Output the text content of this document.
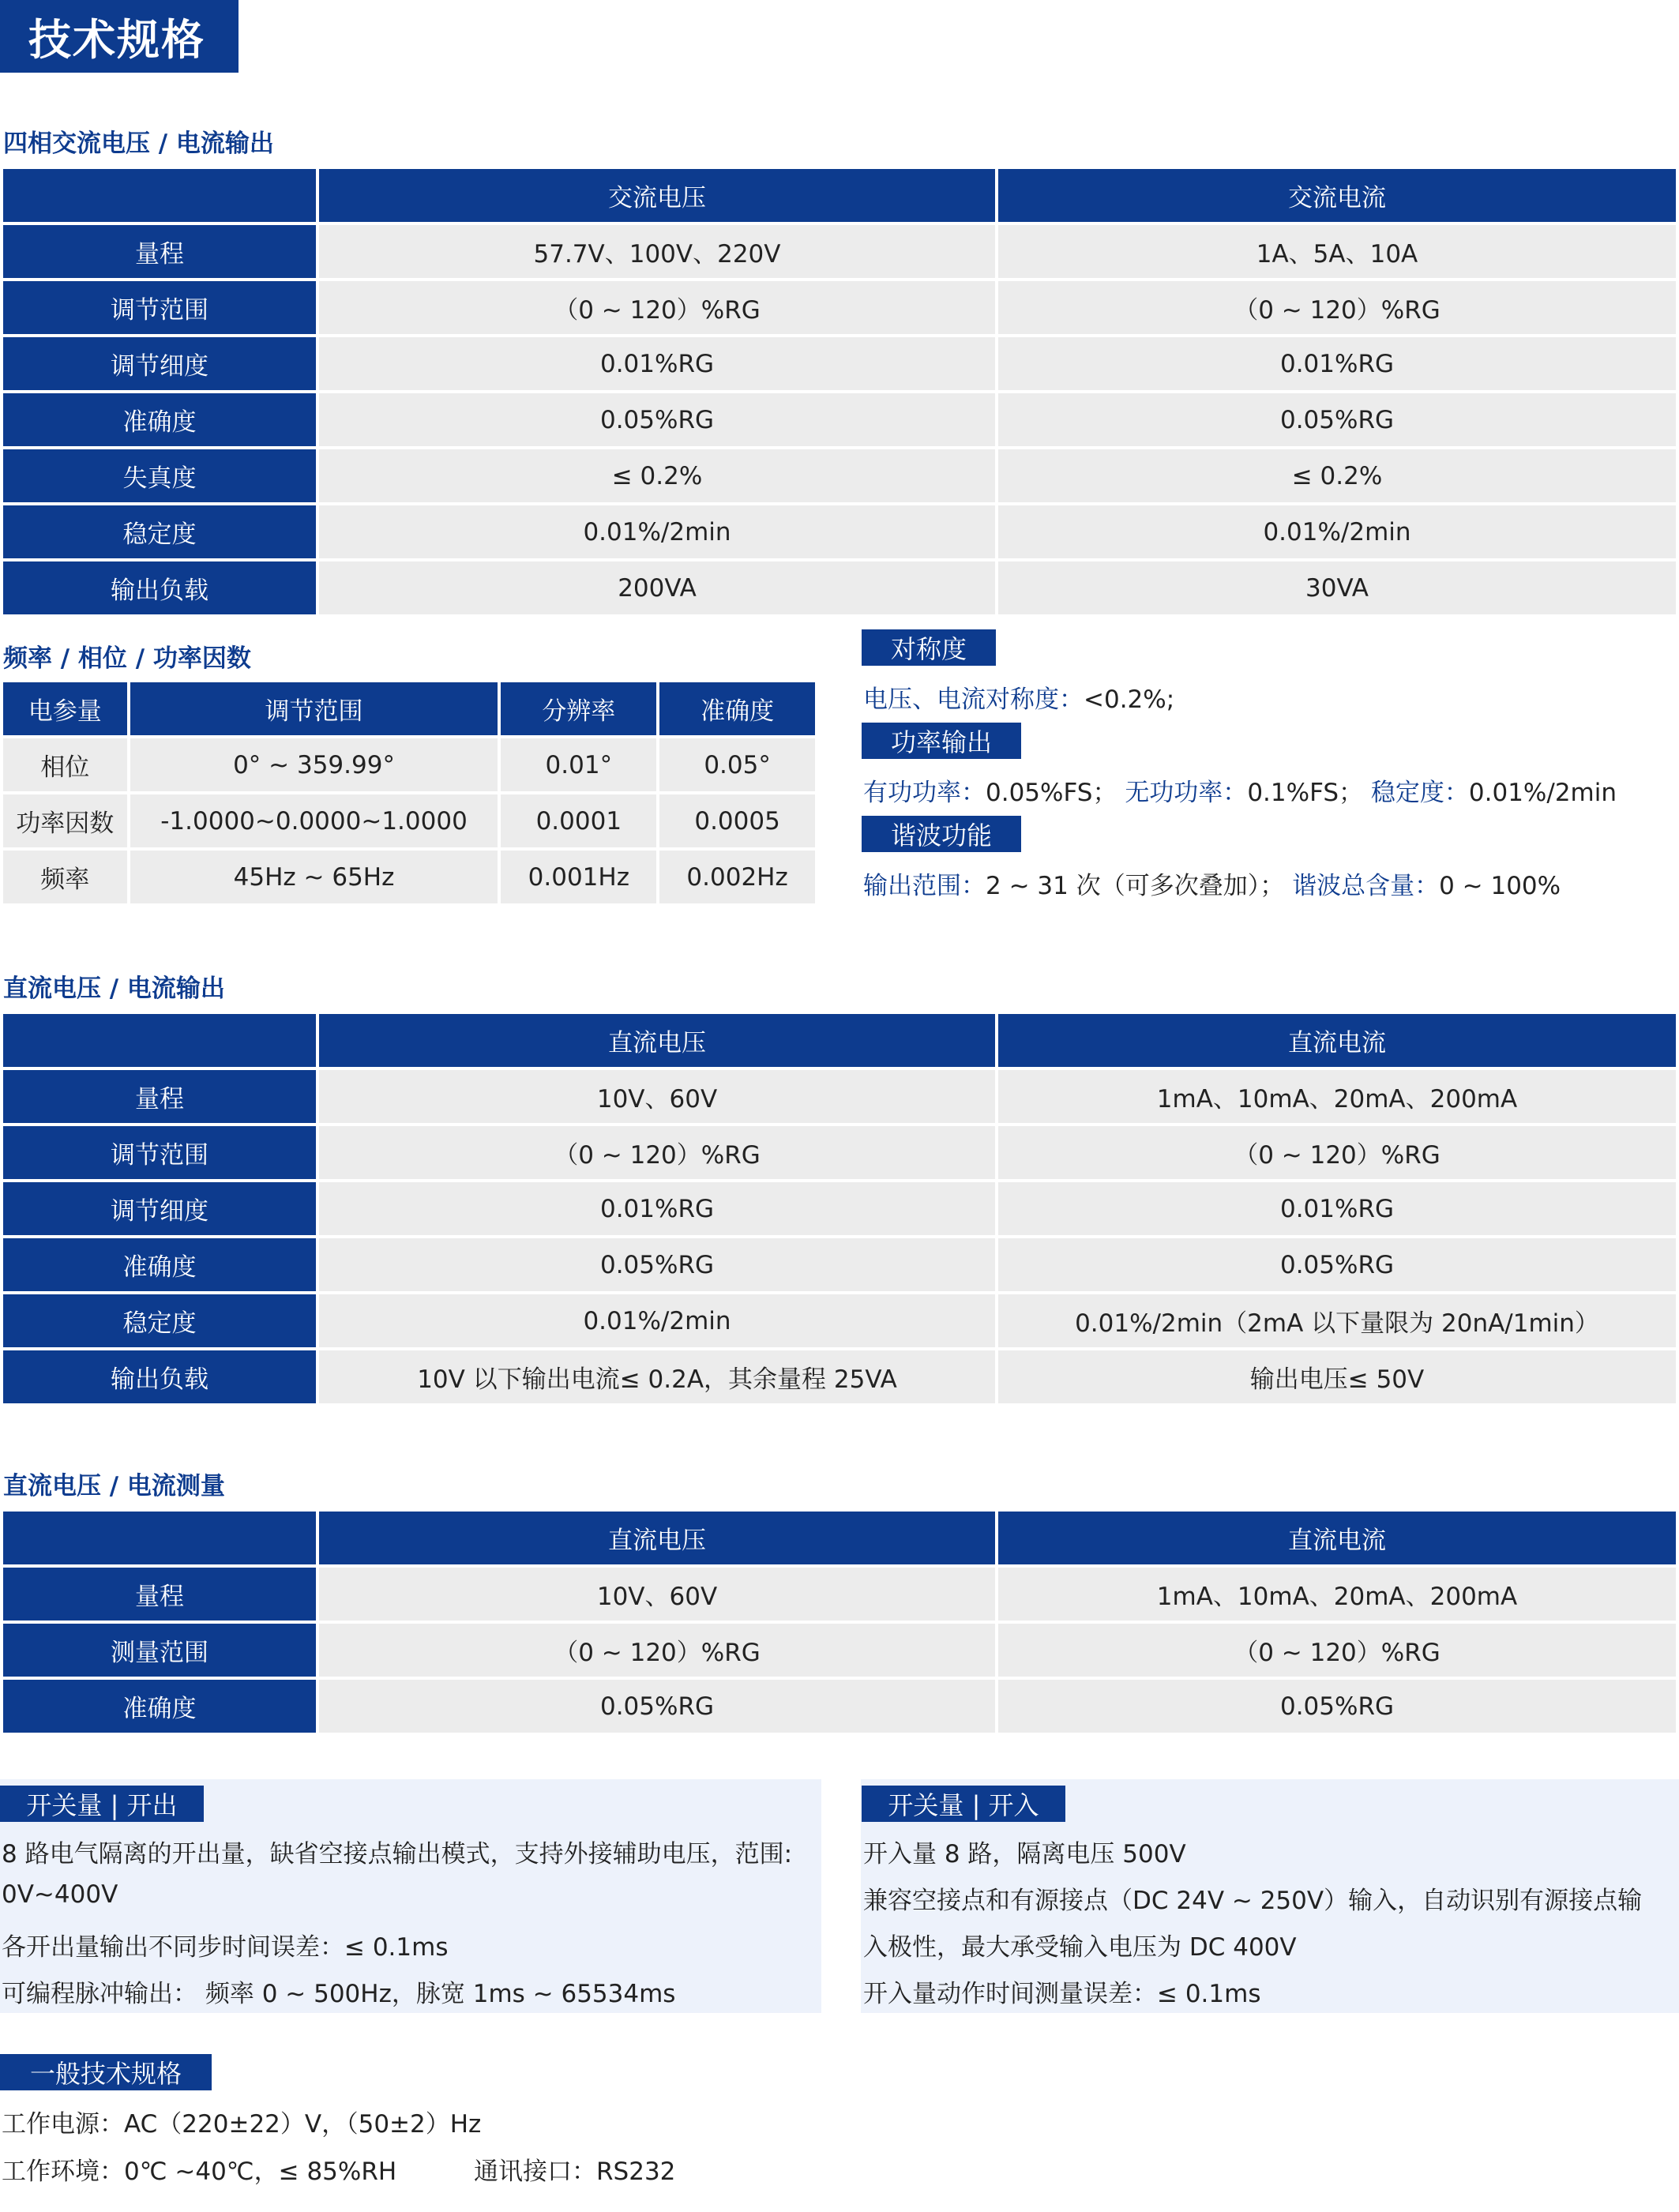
技术规格
四相交流电压 / 电流输出
	交流电压	交流电流
量程	57.7V、100V、220V	1A、5A、10A
调节范围	（0 ~ 120）%RG	（0 ~ 120）%RG
调节细度	0.01%RG	0.01%RG
准确度	0.05%RG	0.05%RG
失真度	≤ 0.2%	≤ 0.2%
稳定度	0.01%/2min	0.01%/2min
输出负载	200VA	30VA
频率 / 相位 / 功率因数
电参量	调节范围	分辨率	准确度
相位	0° ~ 359.99°	0.01°	0.05°
功率因数	-1.0000~0.0000~1.0000	0.0001	0.0005
频率	45Hz ~ 65Hz	0.001Hz	0.002Hz
对称度
电压、电流对称度：<0.2%;
功率输出
有功功率：0.05%FS； 无功功率：0.1%FS； 稳定度：0.01%/2min
谐波功能
输出范围：2 ~ 31 次（可多次叠加）； 谐波总含量：0 ~ 100%
直流电压 / 电流输出
	直流电压	直流电流
量程	10V、60V	1mA、10mA、20mA、200mA
调节范围	（0 ~ 120）%RG	（0 ~ 120）%RG
调节细度	0.01%RG	0.01%RG
准确度	0.05%RG	0.05%RG
稳定度	0.01%/2min	0.01%/2min（2mA 以下量限为 20nA/1min）
输出负载	10V 以下输出电流≤ 0.2A，其余量程 25VA	输出电压≤ 50V
直流电压 / 电流测量
	直流电压	直流电流
量程	10V、60V	1mA、10mA、20mA、200mA
测量范围	（0 ~ 120）%RG	（0 ~ 120）%RG
准确度	0.05%RG	0.05%RG
开关量 | 开出
8 路电气隔离的开出量，缺省空接点输出模式，支持外接辅助电压，范围:
0V~400V
各开出量输出不同步时间误差：≤ 0.1ms
可编程脉冲输出： 频率 0 ~ 500Hz，脉宽 1ms ~ 65534ms
开关量 | 开入
开入量 8 路，隔离电压 500V
兼容空接点和有源接点（DC 24V ~ 250V）输入，自动识别有源接点输
入极性，最大承受输入电压为 DC 400V
开入量动作时间测量误差：≤ 0.1ms
一般技术规格
工作电源：AC（220±22）V，（50±2）Hz
工作环境：0℃ ~40℃，≤ 85%RH	通讯接口：RS232
